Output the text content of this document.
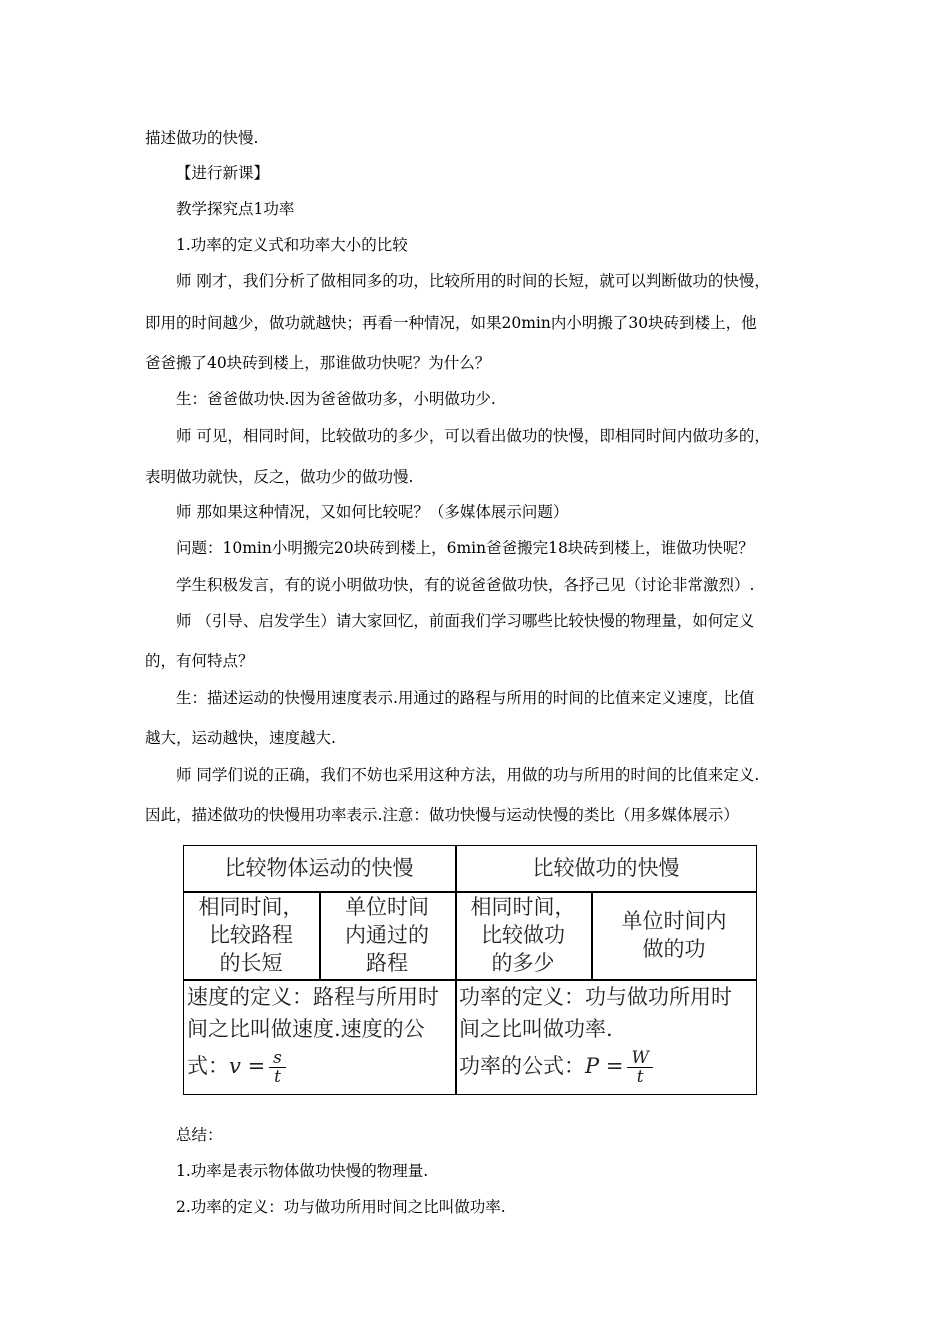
描述做功的快慢.
【进行新课】
教学探究点1功率
1.功率的定义式和功率大小的比较
师 刚才，我们分析了做相同多的功，比较所用的时间的长短，就可以判断做功的快慢，
即用的时间越少，做功就越快；再看一种情况，如果20min内小明搬了30块砖到楼上，他
爸爸搬了40块砖到楼上，那谁做功快呢？为什么？
生：爸爸做功快.因为爸爸做功多，小明做功少.
师 可见，相同时间，比较做功的多少，可以看出做功的快慢，即相同时间内做功多的，
表明做功就快，反之，做功少的做功慢.
师 那如果这种情况，又如何比较呢？（多媒体展示问题）
问题：10min小明搬完20块砖到楼上，6min爸爸搬完18块砖到楼上，谁做功快呢？
学生积极发言，有的说小明做功快，有的说爸爸做功快，各抒己见（讨论非常激烈）.
师 （引导、启发学生）请大家回忆，前面我们学习哪些比较快慢的物理量，如何定义
的，有何特点？
生：描述运动的快慢用速度表示.用通过的路程与所用的时间的比值来定义速度，比值
越大，运动越快，速度越大.
师 同学们说的正确，我们不妨也采用这种方法，用做的功与所用的时间的比值来定义.
因此，描述做功的快慢用功率表示.注意：做功快慢与运动快慢的类比（用多媒体展示）
比较物体运动的快慢	比较做功的快慢
相同时间，
比较路程
的长短
单位时间
内通过的
路程
相同时间，
比较做功
的多少
单位时间内
做的功
速度的定义：路程与所用时
间之比叫做速度.速度的公
式：$v = \frac{s}{t}$
功率的定义：功与做功所用时
间之比叫做功率.
功率的公式：$P = \frac{W}{t}$
总结：
1.功率是表示物体做功快慢的物理量.
2.功率的定义：功与做功所用时间之比叫做功率.
